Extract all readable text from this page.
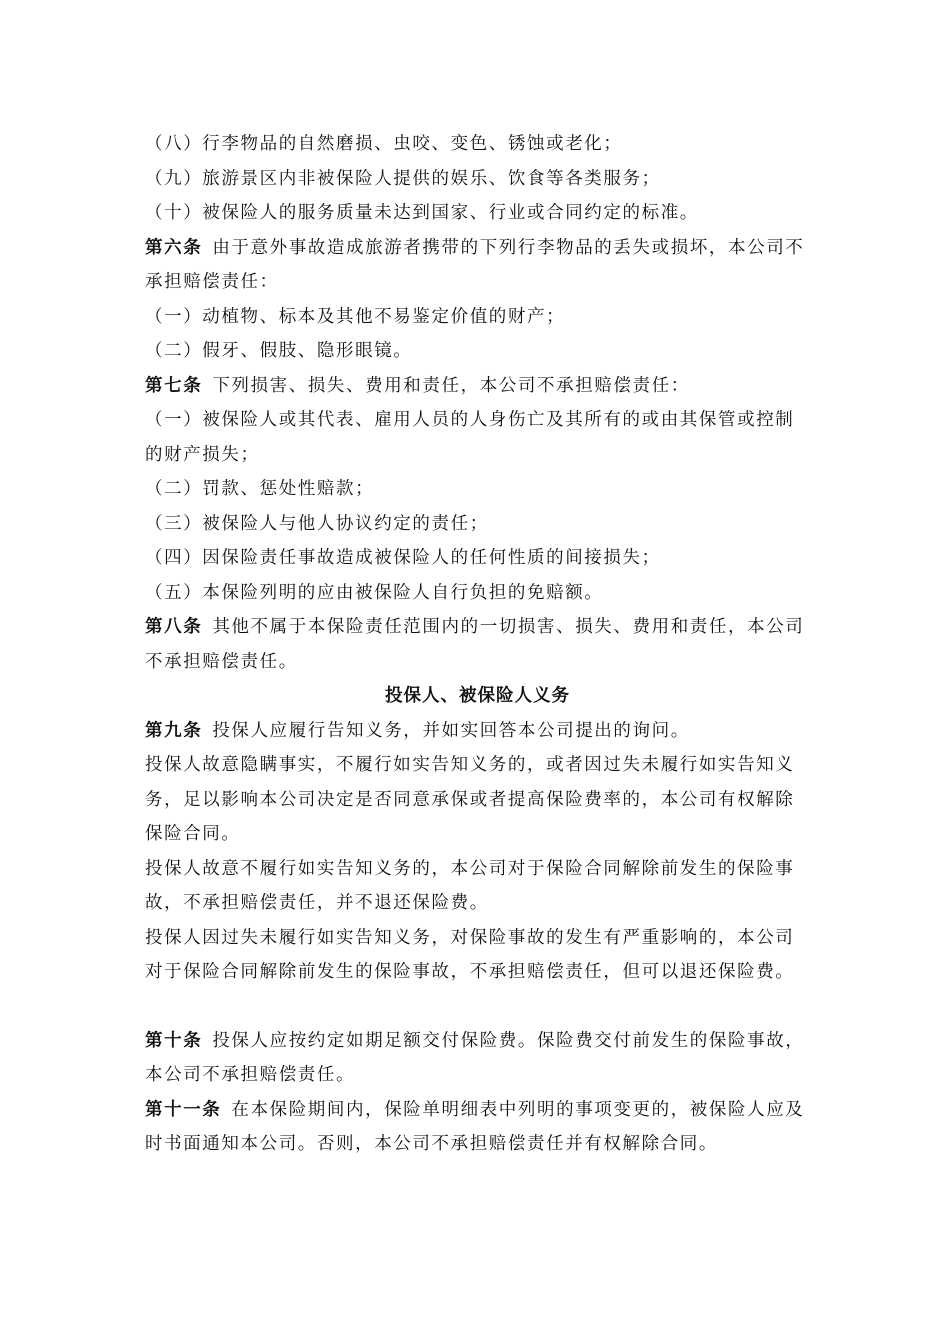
（八）行李物品的自然磨损、虫咬、变色、锈蚀或老化；
（九）旅游景区内非被保险人提供的娱乐、饮食等各类服务；
（十）被保险人的服务质量未达到国家、行业或合同约定的标准。
第六条 由于意外事故造成旅游者携带的下列行李物品的丢失或损坏，本公司不
承担赔偿责任：
（一）动植物、标本及其他不易鉴定价值的财产；
（二）假牙、假肢、隐形眼镜。
第七条 下列损害、损失、费用和责任，本公司不承担赔偿责任：
（一）被保险人或其代表、雇用人员的人身伤亡及其所有的或由其保管或控制
的财产损失；
（二）罚款、惩处性赔款；
（三）被保险人与他人协议约定的责任；
（四）因保险责任事故造成被保险人的任何性质的间接损失；
（五）本保险列明的应由被保险人自行负担的免赔额。
第八条 其他不属于本保险责任范围内的一切损害、损失、费用和责任，本公司
不承担赔偿责任。
投保人、被保险人义务
第九条 投保人应履行告知义务，并如实回答本公司提出的询问。
投保人故意隐瞒事实，不履行如实告知义务的，或者因过失未履行如实告知义
务，足以影响本公司决定是否同意承保或者提高保险费率的，本公司有权解除
保险合同。
投保人故意不履行如实告知义务的，本公司对于保险合同解除前发生的保险事
故，不承担赔偿责任，并不退还保险费。
投保人因过失未履行如实告知义务，对保险事故的发生有严重影响的，本公司
对于保险合同解除前发生的保险事故，不承担赔偿责任，但可以退还保险费。
第十条 投保人应按约定如期足额交付保险费。保险费交付前发生的保险事故，
本公司不承担赔偿责任。
第十一条 在本保险期间内，保险单明细表中列明的事项变更的，被保险人应及
时书面通知本公司。否则，本公司不承担赔偿责任并有权解除合同。
